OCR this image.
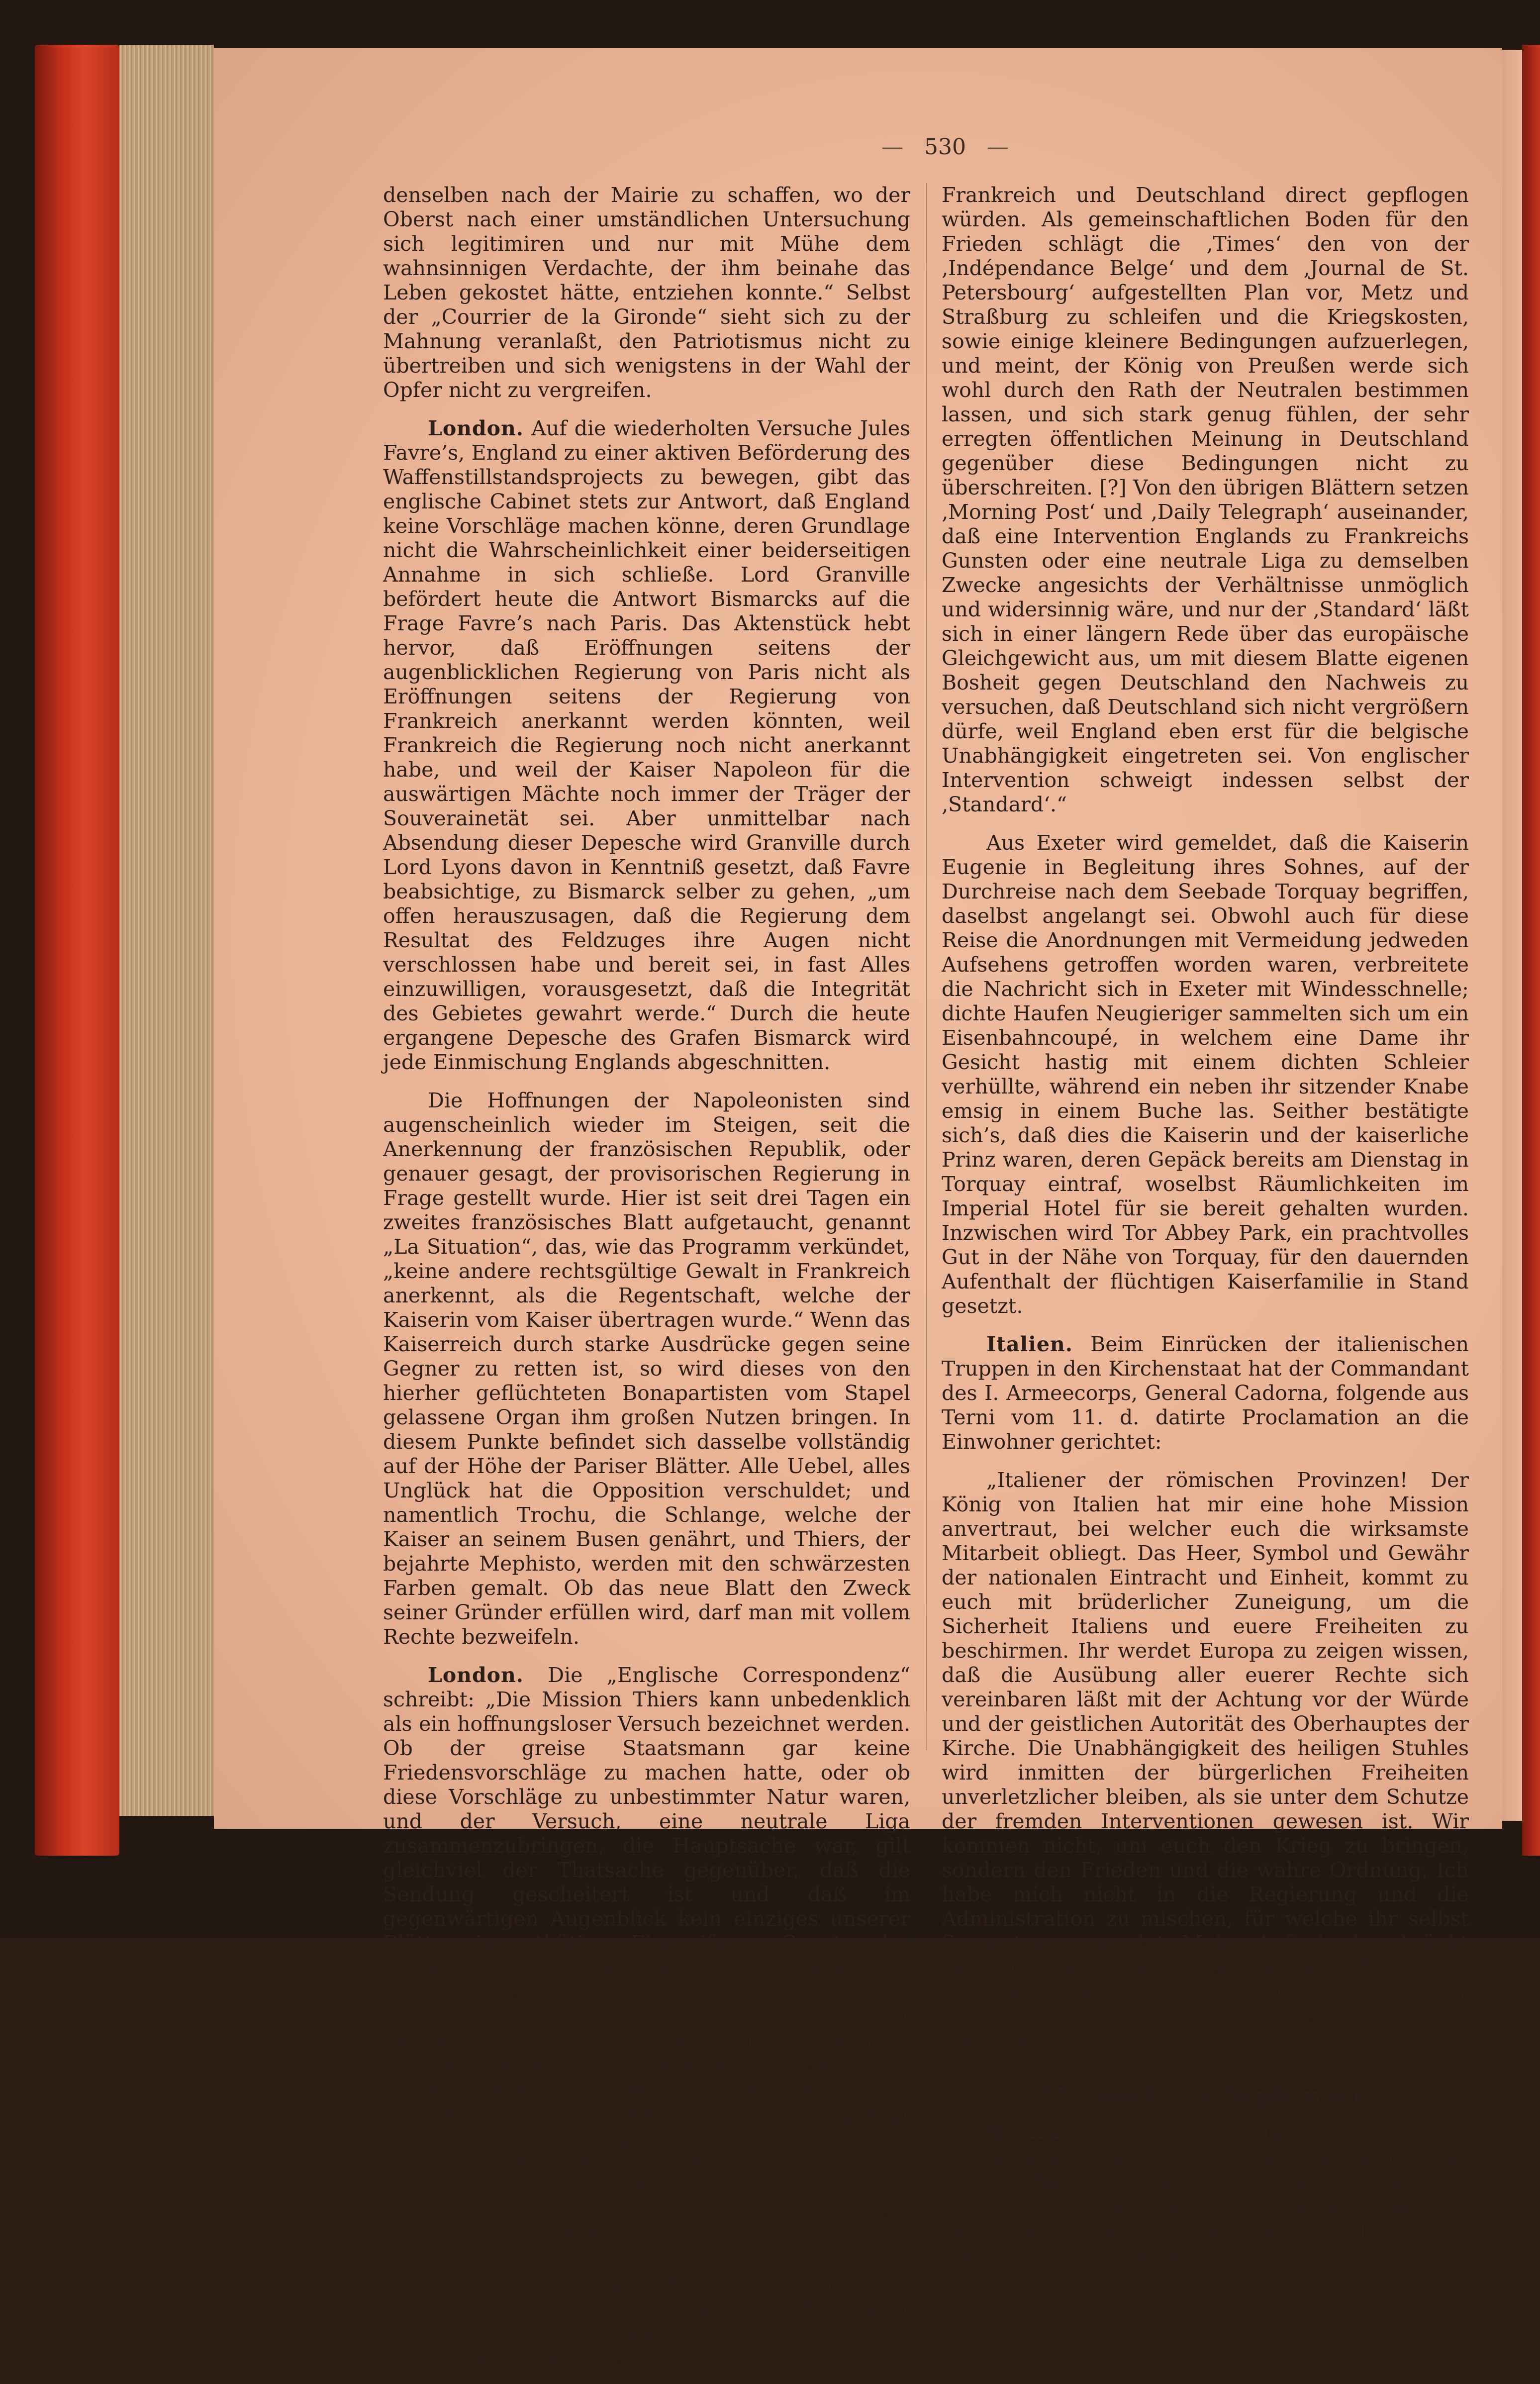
— 530 —

denselben nach der Mairie zu schaffen, wo der Oberst nach einer umständlichen Untersuchung sich legitimiren und nur mit Mühe dem wahnsinnigen Verdachte, der ihm beinahe das Leben gekostet hätte, entziehen konnte.“ Selbst der „Courrier de la Gironde“ sieht sich zu der Mahnung veranlaßt, den Patriotismus nicht zu übertreiben und sich wenigstens in der Wahl der Opfer nicht zu vergreifen.

London. Auf die wiederholten Versuche Jules Favre’s, England zu einer aktiven Beförderung des Waffenstillstandsprojects zu bewegen, gibt das englische Cabinet stets zur Antwort, daß England keine Vorschläge machen könne, deren Grundlage nicht die Wahrscheinlichkeit einer beiderseitigen Annahme in sich schließe. Lord Granville befördert heute die Antwort Bismarcks auf die Frage Favre’s nach Paris. Das Aktenstück hebt hervor, daß Eröffnungen seitens der augenblicklichen Regierung von Paris nicht als Eröffnungen seitens der Regierung von Frankreich anerkannt werden könnten, weil Frankreich die Regierung noch nicht anerkannt habe, und weil der Kaiser Napoleon für die auswärtigen Mächte noch immer der Träger der Souverainetät sei. Aber unmittelbar nach Absendung dieser Depesche wird Granville durch Lord Lyons davon in Kenntniß gesetzt, daß Favre beabsichtige, zu Bismarck selber zu gehen, „um offen herauszusagen, daß die Regierung dem Resultat des Feldzuges ihre Augen nicht verschlossen habe und bereit sei, in fast Alles einzuwilligen, vorausgesetzt, daß die Integrität des Gebietes gewahrt werde.“ Durch die heute ergangene Depesche des Grafen Bismarck wird jede Einmischung Englands abgeschnitten.

Die Hoffnungen der Napoleonisten sind augenscheinlich wieder im Steigen, seit die Anerkennung der französischen Republik, oder genauer gesagt, der provisorischen Regierung in Frage gestellt wurde. Hier ist seit drei Tagen ein zweites französisches Blatt aufgetaucht, genannt „La Situation“, das, wie das Programm verkündet, „keine andere rechtsgültige Gewalt in Frankreich anerkennt, als die Regentschaft, welche der Kaiserin vom Kaiser übertragen wurde.“ Wenn das Kaiserreich durch starke Ausdrücke gegen seine Gegner zu retten ist, so wird dieses von den hierher geflüchteten Bonapartisten vom Stapel gelassene Organ ihm großen Nutzen bringen. In diesem Punkte befindet sich dasselbe vollständig auf der Höhe der Pariser Blätter. Alle Uebel, alles Unglück hat die Opposition verschuldet; und namentlich Trochu, die Schlange, welche der Kaiser an seinem Busen genährt, und Thiers, der bejahrte Mephisto, werden mit den schwärzesten Farben gemalt. Ob das neue Blatt den Zweck seiner Gründer erfüllen wird, darf man mit vollem Rechte bezweifeln.

London. Die „Englische Correspondenz“ schreibt: „Die Mission Thiers kann unbedenklich als ein hoffnungsloser Versuch bezeichnet werden. Ob der greise Staatsmann gar keine Friedensvorschläge zu machen hatte, oder ob diese Vorschläge zu unbestimmter Natur waren, und der Versuch, eine neutrale Liga zusammenzubringen, die Hauptsache war, gilt gleichviel der Thatsache gegenüber, daß die Sendung gescheitert ist und daß im gegenwärtigen Augenblick kein einziges unserer Blätter einem thätigen Eingreifen zu Gunsten der unversehrten Aufrechterhaltung von Frankreichs Länderbesitz das Wort redet. Sehr bemerkenswerth ist, daß ‚Daily News‘ heute mit auffallender Schärfe erklärt, Thiers komme durchaus nicht als Abgesandter, sondern auf eigene Faust, um hier seine Ansichten vom europäischen Gleichgewicht, oder besser gesagt von der Notwendigkeit des französischen Uebergewichts unsern Ministern darzulegen. Auch die ‚Times‘ bemerkt, daß die Mitglieder der provisorischen Regierung Herrn Thiers nach London abgesandt hätten, ohne sich klar zu sein, was bei einem derartigen Auftrage die erste Bedingung sei. Bei aller Befriedigung über das französische Ansuchen könne man sich doch nicht verhehlen, daß es wünschenswerth wäre, wenn die Verhandlungen zwischen

Frankreich und Deutschland direct gepflogen würden. Als gemeinschaftlichen Boden für den Frieden schlägt die ‚Times‘ den von der ‚Indépendance Belge‘ und dem ‚Journal de St. Petersbourg‘ aufgestellten Plan vor, Metz und Straßburg zu schleifen und die Kriegskosten, sowie einige kleinere Bedingungen aufzuerlegen, und meint, der König von Preußen werde sich wohl durch den Rath der Neutralen bestimmen lassen, und sich stark genug fühlen, der sehr erregten öffentlichen Meinung in Deutschland gegenüber diese Bedingungen nicht zu überschreiten. [?] Von den übrigen Blättern setzen ‚Morning Post‘ und ‚Daily Telegraph‘ auseinander, daß eine Intervention Englands zu Frankreichs Gunsten oder eine neutrale Liga zu demselben Zwecke angesichts der Verhältnisse unmöglich und widersinnig wäre, und nur der ‚Standard‘ läßt sich in einer längern Rede über das europäische Gleichgewicht aus, um mit diesem Blatte eigenen Bosheit gegen Deutschland den Nachweis zu versuchen, daß Deutschland sich nicht vergrößern dürfe, weil England eben erst für die belgische Unabhängigkeit eingetreten sei. Von englischer Intervention schweigt indessen selbst der ‚Standard‘.“

Aus Exeter wird gemeldet, daß die Kaiserin Eugenie in Begleitung ihres Sohnes, auf der Durchreise nach dem Seebade Torquay begriffen, daselbst angelangt sei. Obwohl auch für diese Reise die Anordnungen mit Vermeidung jedweden Aufsehens getroffen worden waren, verbreitete die Nachricht sich in Exeter mit Windesschnelle; dichte Haufen Neugieriger sammelten sich um ein Eisenbahncoupé, in welchem eine Dame ihr Gesicht hastig mit einem dichten Schleier verhüllte, während ein neben ihr sitzender Knabe emsig in einem Buche las. Seither bestätigte sich’s, daß dies die Kaiserin und der kaiserliche Prinz waren, deren Gepäck bereits am Dienstag in Torquay eintraf, woselbst Räumlichkeiten im Imperial Hotel für sie bereit gehalten wurden. Inzwischen wird Tor Abbey Park, ein prachtvolles Gut in der Nähe von Torquay, für den dauernden Aufenthalt der flüchtigen Kaiserfamilie in Stand gesetzt.

Italien. Beim Einrücken der italienischen Truppen in den Kirchenstaat hat der Commandant des I. Armeecorps, General Cadorna, folgende aus Terni vom 11. d. datirte Proclamation an die Einwohner gerichtet:

„Italiener der römischen Provinzen! Der König von Italien hat mir eine hohe Mission anvertraut, bei welcher euch die wirksamste Mitarbeit obliegt. Das Heer, Symbol und Gewähr der nationalen Eintracht und Einheit, kommt zu euch mit brüderlicher Zuneigung, um die Sicherheit Italiens und euere Freiheiten zu beschirmen. Ihr werdet Europa zu zeigen wissen, daß die Ausübung aller euerer Rechte sich vereinbaren läßt mit der Achtung vor der Würde und der geistlichen Autorität des Oberhauptes der Kirche. Die Unabhängigkeit des heiligen Stuhles wird inmitten der bürgerlichen Freiheiten unverletzlicher bleiben, als sie unter dem Schutze der fremden Interventionen gewesen ist. Wir kommen nicht, um euch den Krieg zu bringen, sondern den Frieden und die wahre Ordnung. Ich habe mich nicht in die Regierung und die Administration zu mischen, für welche ihr selbst Sorge tragen werdet. Meine Aufgabe beschränkt sich auf die Aufrechterhaltung der öffentlichen Ordnung und die Vertheidigung der Unverletzlichkeit unseres gemeinschaftlichen Vaterlandes.“

Mittwoch, 14. September.

Berlin. Einer der Hauptschreier des Kaiserreichs, Paul de Cassagnac, kam gestern als Kriegsgefangener hier durch, und wird jetzt in Stettin Gelegenheit haben, über seine unsinnigen Hetzereien gegen Preußen und die Deutschen überhaupt nachzudenken.
